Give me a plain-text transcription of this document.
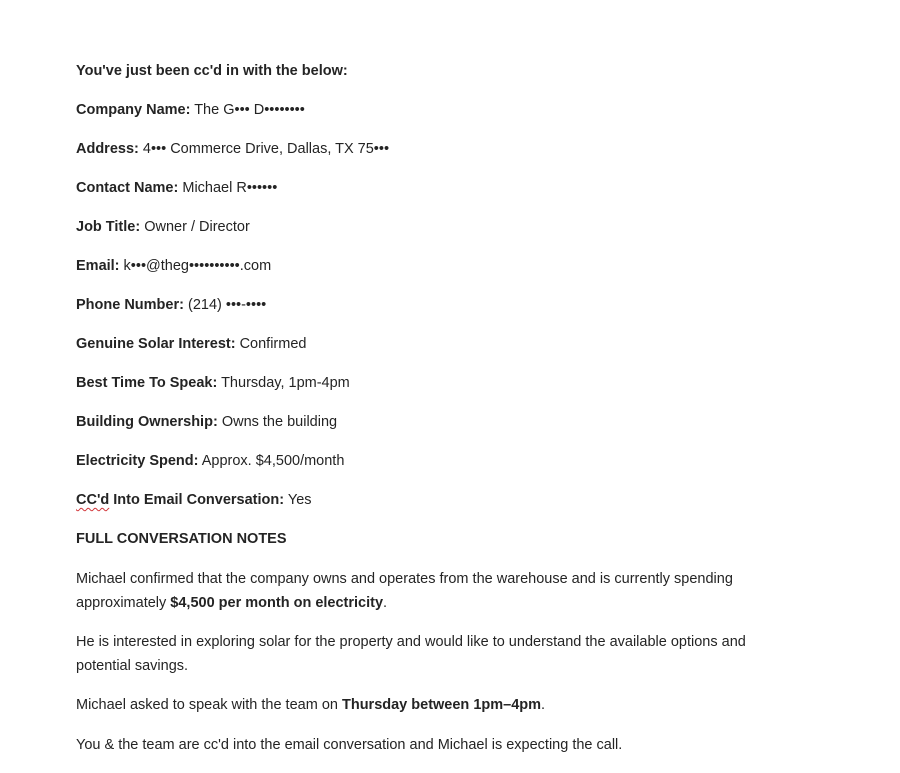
You've just been cc'd in with the below:
Company Name: The G••• D••••••••
Address: 4••• Commerce Drive, Dallas, TX 75•••
Contact Name: Michael R••••••
Job Title: Owner / Director
Email: k•••@theg••••••••••.com
Phone Number: (214) •••-••••
Genuine Solar Interest: Confirmed
Best Time To Speak: Thursday, 1pm-4pm
Building Ownership: Owns the building
Electricity Spend: Approx. $4,500/month
CC'd Into Email Conversation: Yes
FULL CONVERSATION NOTES
Michael confirmed that the company owns and operates from the warehouse and is currently spending approximately $4,500 per month on electricity.
He is interested in exploring solar for the property and would like to understand the available options and potential savings.
Michael asked to speak with the team on Thursday between 1pm–4pm.
You & the team are cc'd into the email conversation and Michael is expecting the call.
